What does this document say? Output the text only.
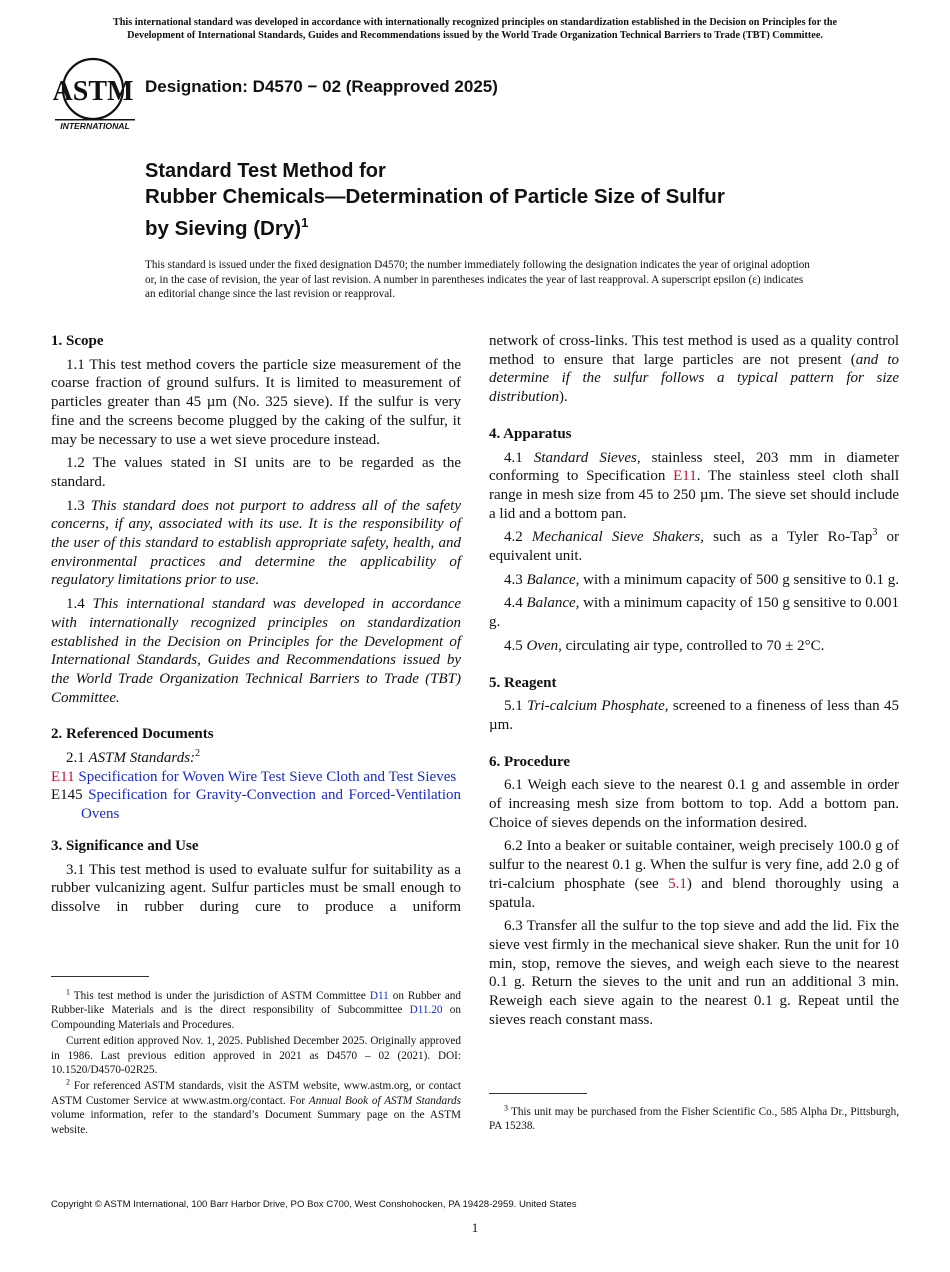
This international standard was developed in accordance with internationally recognized principles on standardization established in the Decision on Principles for the
Development of International Standards, Guides and Recommendations issued by the World Trade Organization Technical Barriers to Trade (TBT) Committee.
ASTM
INTERNATIONAL
Designation: D4570 − 02 (Reapproved 2025)
Standard Test Method for
Rubber Chemicals—Determination of Particle Size of Sulfur
by Sieving (Dry)$^1$
This standard is issued under the fixed designation D4570; the number immediately following the designation indicates the year of original adoption or, in the case of revision, the year of last revision. A number in parentheses indicates the year of last reapproval. A superscript epsilon (ε) indicates an editorial change since the last revision or reapproval.
1. Scope

1.1 This test method covers the particle size measurement of the coarse fraction of ground sulfurs. It is limited to measurement of particles greater than 45 µm (No. 325 sieve). If the sulfur is very fine and the screens become plugged by the caking of the sulfur, it may be necessary to use a wet sieve procedure instead.

1.2 The values stated in SI units are to be regarded as the standard.

1.3 This standard does not purport to address all of the safety concerns, if any, associated with its use. It is the responsibility of the user of this standard to establish appropriate safety, health, and environmental practices and determine the applicability of regulatory limitations prior to use.

1.4 This international standard was developed in accordance with internationally recognized principles on standardization established in the Decision on Principles for the Development of International Standards, Guides and Recommendations issued by the World Trade Organization Technical Barriers to Trade (TBT) Committee.

2. Referenced Documents

2.1 ASTM Standards:$^2$

E11 Specification for Woven Wire Test Sieve Cloth and Test Sieves

E145 Specification for Gravity-Convection and Forced-Ventilation Ovens

3. Significance and Use

3.1 This test method is used to evaluate sulfur for suitability as a rubber vulcanizing agent. Sulfur particles must be small enough to dissolve in rubber during cure to produce a uniform

$^1$ This test method is under the jurisdiction of ASTM Committee D11 on Rubber and Rubber-like Materials and is the direct responsibility of Subcommittee D11.20 on Compounding Materials and Procedures.

Current edition approved Nov. 1, 2025. Published December 2025. Originally approved in 1986. Last previous edition approved in 2021 as D4570 – 02 (2021). DOI: 10.1520/D4570-02R25.

$^2$ For referenced ASTM standards, visit the ASTM website, www.astm.org, or contact ASTM Customer Service at www.astm.org/contact. For Annual Book of ASTM Standards volume information, refer to the standard’s Document Summary page on the ASTM website.

network of cross-links. This test method is used as a quality control method to ensure that large particles are not present (and to determine if the sulfur follows a typical pattern for size distribution).

4. Apparatus

4.1 Standard Sieves, stainless steel, 203 mm in diameter conforming to Specification E11. The stainless steel cloth shall range in mesh size from 45 to 250 µm. The sieve set should include a lid and a bottom pan.

4.2 Mechanical Sieve Shakers, such as a Tyler Ro-Tap$^3$ or equivalent unit.

4.3 Balance, with a minimum capacity of 500 g sensitive to 0.1 g.

4.4 Balance, with a minimum capacity of 150 g sensitive to 0.001 g.

4.5 Oven, circulating air type, controlled to 70 ± 2°C.

5. Reagent

5.1 Tri-calcium Phosphate, screened to a fineness of less than 45 µm.

6. Procedure

6.1 Weigh each sieve to the nearest 0.1 g and assemble in order of increasing mesh size from bottom to top. Add a bottom pan. Choice of sieves depends on the information desired.

6.2 Into a beaker or suitable container, weigh precisely 100.0 g of sulfur to the nearest 0.1 g. When the sulfur is very fine, add 2.0 g of tri-calcium phosphate (see 5.1) and blend thoroughly using a spatula.

6.3 Transfer all the sulfur to the top sieve and add the lid. Fix the sieve vest firmly in the mechanical sieve shaker. Run the unit for 10 min, stop, remove the sieves, and weigh each sieve to the nearest 0.1 g. Return the sieves to the unit and run an additional 3 min. Reweigh each sieve again to the nearest 0.1 g. Repeat until the sieves reach constant mass.

$^3$ This unit may be purchased from the Fisher Scientific Co., 585 Alpha Dr., Pittsburgh, PA 15238.

Copyright © ASTM International, 100 Barr Harbor Drive, PO Box C700, West Conshohocken, PA 19428-2959. United States
1
